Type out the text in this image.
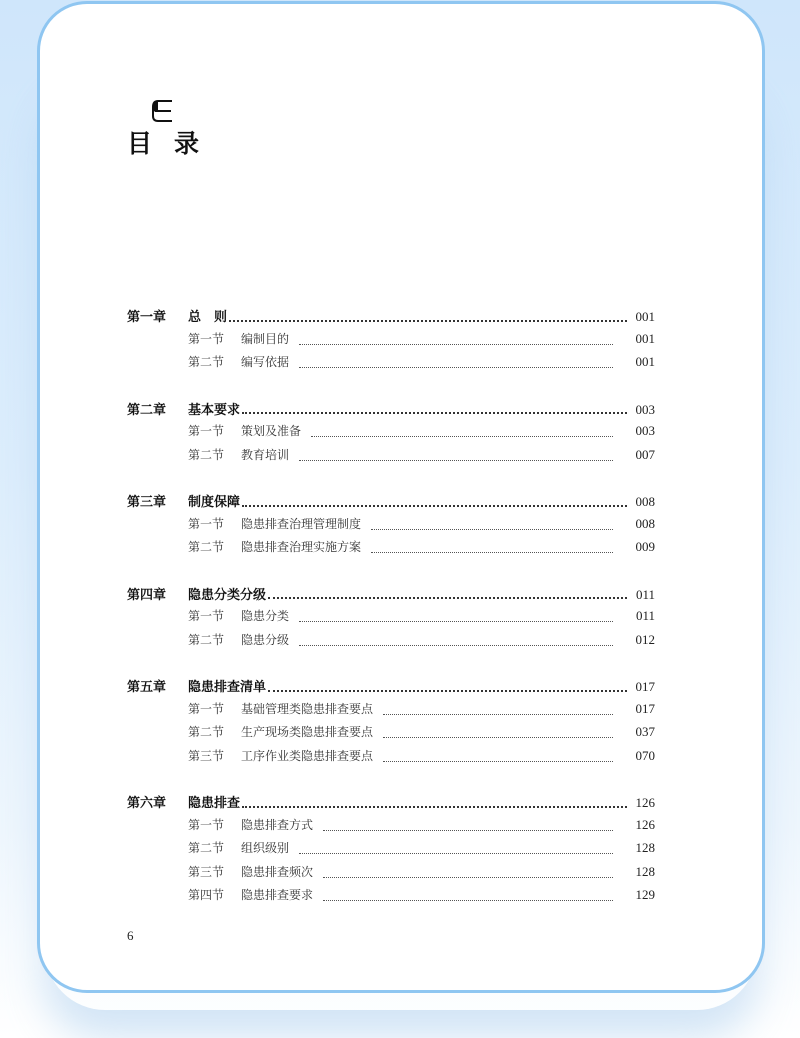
目录
第一章	总　则	001
第一节	编制目的	001
第二节	编写依据	001
第二章	基本要求	003
第一节	策划及准备	003
第二节	教育培训	007
第三章	制度保障	008
第一节	隐患排查治理管理制度	008
第二节	隐患排查治理实施方案	009
第四章	隐患分类分级	011
第一节	隐患分类	011
第二节	隐患分级	012
第五章	隐患排查清单	017
第一节	基础管理类隐患排查要点	017
第二节	生产现场类隐患排查要点	037
第三节	工序作业类隐患排查要点	070
第六章	隐患排查	126
第一节	隐患排查方式	126
第二节	组织级别	128
第三节	隐患排查频次	128
第四节	隐患排查要求	129
6
